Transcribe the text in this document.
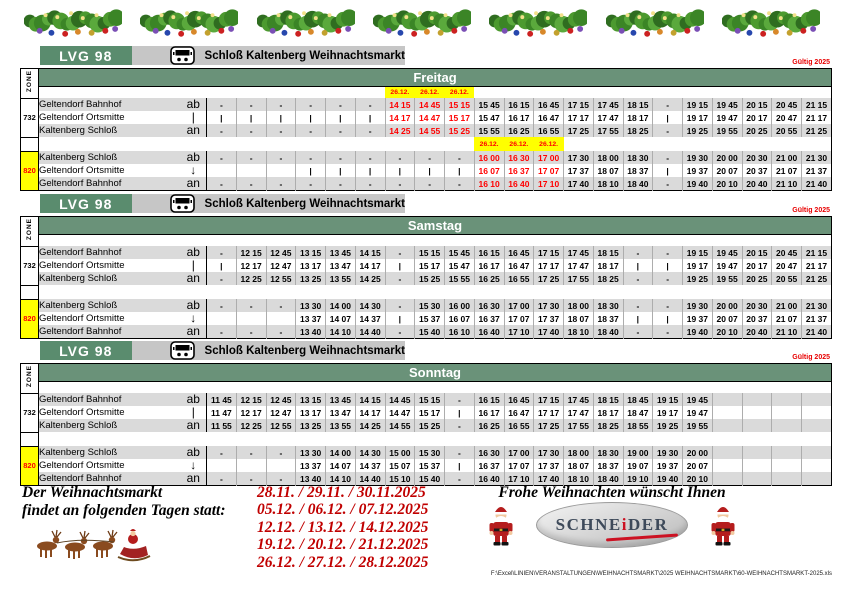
LVG 98	Schloß Kaltenberg Weihnachtsmarkt
Gültig 2025
ZONE	Freitag																						
									26.12.	26.12.	26.12.												
732	Geltendorf Bahnhof	ab	-	-	-	-	-	-	14 15	14 45	15 15	15 45	16 15	16 45	17 15	17 45	18 15	-	19 15	19 45	20 15	20 45	21 15
	Geltendorf Ortsmitte	|	|	|	|	|	|	|	14 17	14 47	15 17	15 47	16 17	16 47	17 17	17 47	18 17	|	19 17	19 47	20 17	20 47	21 17
	Kaltenberg Schloß	an	-	-	-	-	-	-	14 25	14 55	15 25	15 55	16 25	16 55	17 25	17 55	18 25	-	19 25	19 55	20 25	20 55	21 25
												26.12.	26.12.	26.12.									
820	Kaltenberg Schloß	ab	-	-	-	-	-	-	-	-	-	16 00	16 30	17 00	17 30	18 00	18 30	-	19 30	20 00	20 30	21 00	21 30
	Geltendorf Ortsmitte	↓				|	|	|	|	|	|	16 07	16 37	17 07	17 37	18 07	18 37	|	19 37	20 07	20 37	21 07	21 37
	Geltendorf Bahnhof	an	-	-	-	-	-	-	-	-	-	16 10	16 40	17 10	17 40	18 10	18 40	-	19 40	20 10	20 40	21 10	21 40
LVG 98	Schloß Kaltenberg Weihnachtsmarkt
Gültig 2025
ZONE	Samstag																						

732	Geltendorf Bahnhof	ab	-	12 15	12 45	13 15	13 45	14 15	-	15 15	15 45	16 15	16 45	17 15	17 45	18 15	-	-	19 15	19 45	20 15	20 45	21 15
	Geltendorf Ortsmitte	|	|	12 17	12 47	13 17	13 47	14 17	|	15 17	15 47	16 17	16 47	17 17	17 47	18 17	|	|	19 17	19 47	20 17	20 47	21 17
	Kaltenberg Schloß	an	-	12 25	12 55	13 25	13 55	14 25	-	15 25	15 55	16 25	16 55	17 25	17 55	18 25	-	-	19 25	19 55	20 25	20 55	21 25

820	Kaltenberg Schloß	ab	-	-	-	13 30	14 00	14 30	-	15 30	16 00	16 30	17 00	17 30	18 00	18 30	-	-	19 30	20 00	20 30	21 00	21 30
	Geltendorf Ortsmitte	↓				13 37	14 07	14 37	|	15 37	16 07	16 37	17 07	17 37	18 07	18 37	|	|	19 37	20 07	20 37	21 07	21 37
	Geltendorf Bahnhof	an	-	-	-	13 40	14 10	14 40	-	15 40	16 10	16 40	17 10	17 40	18 10	18 40	-	-	19 40	20 10	20 40	21 10	21 40
LVG 98	Schloß Kaltenberg Weihnachtsmarkt
Gültig 2025
ZONE	Sonntag																						

732	Geltendorf Bahnhof	ab	11 45	12 15	12 45	13 15	13 45	14 15	14 45	15 15	-	16 15	16 45	17 15	17 45	18 15	18 45	19 15	19 45				
	Geltendorf Ortsmitte	|	11 47	12 17	12 47	13 17	13 47	14 17	14 47	15 17	|	16 17	16 47	17 17	17 47	18 17	18 47	19 17	19 47				
	Kaltenberg Schloß	an	11 55	12 25	12 55	13 25	13 55	14 25	14 55	15 25	-	16 25	16 55	17 25	17 55	18 25	18 55	19 25	19 55				

820	Kaltenberg Schloß	ab	-	-	-	13 30	14 00	14 30	15 00	15 30	-	16 30	17 00	17 30	18 00	18 30	19 00	19 30	20 00				
	Geltendorf Ortsmitte	↓				13 37	14 07	14 37	15 07	15 37	|	16 37	17 07	17 37	18 07	18 37	19 07	19 37	20 07				
	Geltendorf Bahnhof	an	-	-	-	13 40	14 10	14 40	15 10	15 40	-	16 40	17 10	17 40	18 10	18 40	19 10	19 40	20 10				
Der Weihnachtsmarkt
findet an folgenden Tagen statt:
28.11. / 29.11. / 30.11.2025
05.12. / 06.12. / 07.12.2025
12.12. / 13.12. / 14.12.2025
19.12. / 20.12. / 21.12.2025
26.12. / 27.12. / 28.12.2025
Frohe Weihnachten wünscht Ihnen
SCHNEiDER
F:\Excel\LINIEN\VERANSTALTUNGEN\WEIHNACHTSMARKT\2025 WEIHNACHTSMARKT\60-WEIHNACHTSMARKT-2025.xls
